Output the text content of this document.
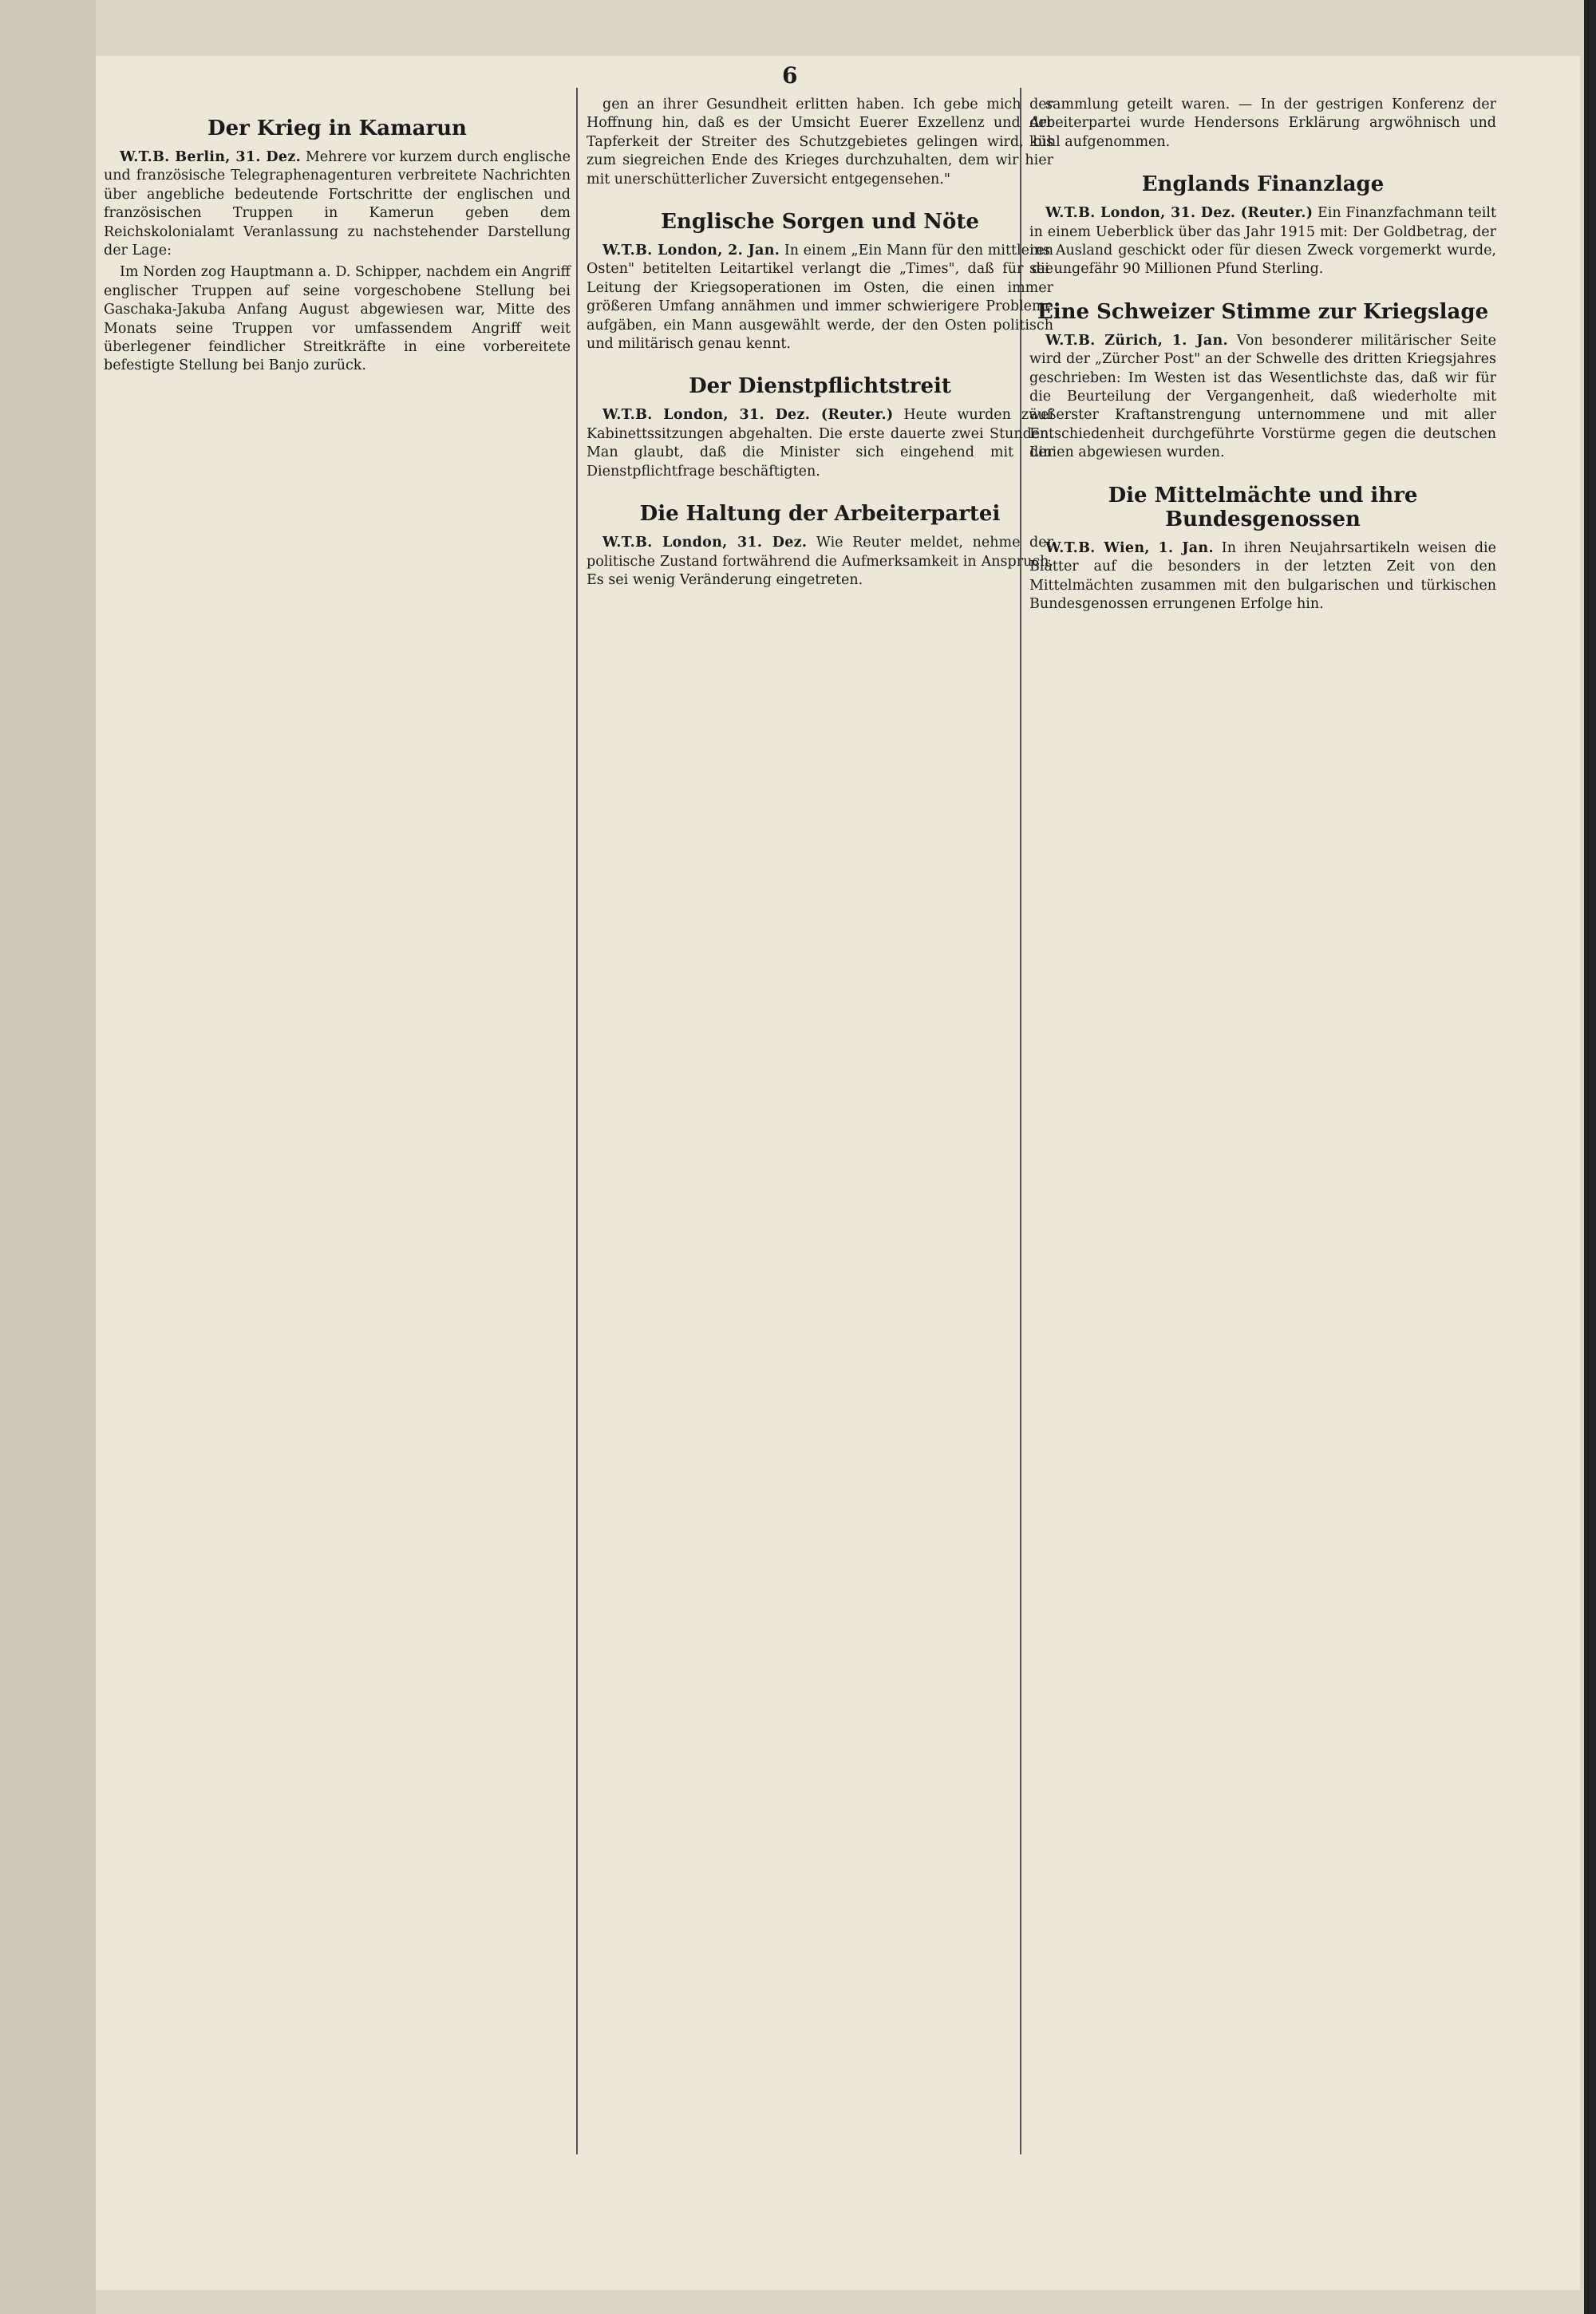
6
Der Krieg in Kamarun

W.T.B. Berlin, 31. Dez. Mehrere vor kurzem durch englische und französische Telegraphenagenturen verbreitete Nachrichten über angebliche bedeutende Fortschritte der englischen und französischen Truppen in Kamerun geben dem Reichskolonialamt Veranlassung zu nachstehender Darstellung der Lage:

Im Norden zog Hauptmann a. D. Schipper, nachdem ein Angriff englischer Truppen auf seine vorgeschobene Stellung bei Gaschaka-Jakuba Anfang August abgewiesen war, Mitte des Monats seine Truppen vor umfassendem Angriff weit überlegener feindlicher Streitkräfte in eine vorbereitete befestigte Stellung bei Banjo zurück.

gen an ihrer Gesundheit erlitten haben. Ich gebe mich der Hoffnung hin, daß es der Umsicht Euerer Exzellenz und der Tapferkeit der Streiter des Schutzgebietes gelingen wird, bis zum siegreichen Ende des Krieges durchzuhalten, dem wir hier mit unerschütterlicher Zuversicht entgegensehen."

Englische Sorgen und Nöte

W.T.B. London, 2. Jan. In einem „Ein Mann für den mittleren Osten" betitelten Leitartikel verlangt die „Times", daß für die Leitung der Kriegsoperationen im Osten, die einen immer größeren Umfang annähmen und immer schwierigere Probleme aufgäben, ein Mann ausgewählt werde, der den Osten politisch und militärisch genau kennt.

Der Dienstpflichtstreit

W.T.B. London, 31. Dez. (Reuter.) Heute wurden zwei Kabinettssitzungen abgehalten. Die erste dauerte zwei Stunden. Man glaubt, daß die Minister sich eingehend mit der Dienstpflichtfrage beschäftigten.

Die Haltung der Arbeiterpartei

W.T.B. London, 31. Dez. Wie Reuter meldet, nehme der politische Zustand fortwährend die Aufmerksamkeit in Anspruch. Es sei wenig Veränderung eingetreten.

sammlung geteilt waren. — In der gestrigen Konferenz der Arbeiterpartei wurde Hendersons Erklärung argwöhnisch und kühl aufgenommen.

Englands Finanzlage

W.T.B. London, 31. Dez. (Reuter.) Ein Finanzfachmann teilt in einem Ueberblick über das Jahr 1915 mit: Der Goldbetrag, der ins Ausland geschickt oder für diesen Zweck vorgemerkt wurde, sei ungefähr 90 Millionen Pfund Sterling.

Eine Schweizer Stimme zur Kriegslage

W.T.B. Zürich, 1. Jan. Von besonderer militärischer Seite wird der „Zürcher Post" an der Schwelle des dritten Kriegsjahres geschrieben: Im Westen ist das Wesentlichste das, daß wir für die Beurteilung der Vergangenheit, daß wiederholte mit äußerster Kraftanstrengung unternommene und mit aller Entschiedenheit durchgeführte Vorstürme gegen die deutschen Linien abgewiesen wurden.

Die Mittelmächte und ihre Bundesgenossen

W.T.B. Wien, 1. Jan. In ihren Neujahrsartikeln weisen die Blätter auf die besonders in der letzten Zeit von den Mittelmächten zusammen mit den bulgarischen und türkischen Bundesgenossen errungenen Erfolge hin.
